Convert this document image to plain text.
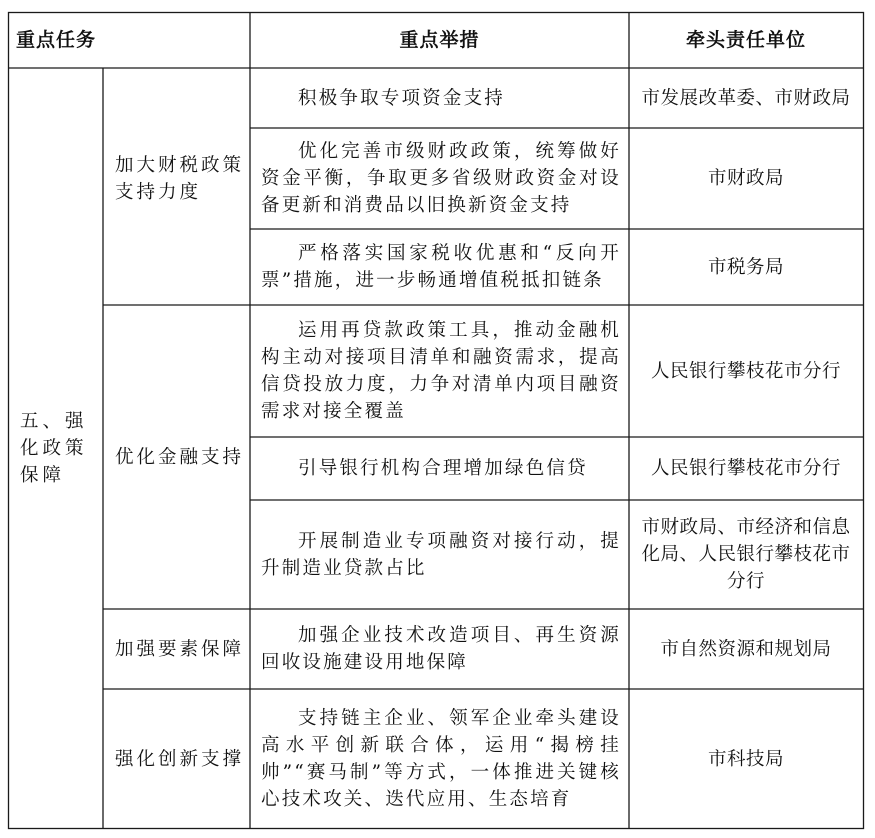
重点任务	重点举措	牵头责任单位
五、强化政策保障
加大财税政策支持力度
优化金融支持
加强要素保障
强化创新支撑
积极争取专项资金支持
优化完善市级财政政策，统筹做好资金平衡，争取更多省级财政资金对设备更新和消费品以旧换新资金支持
严格落实国家税收优惠和“反向开票”措施，进一步畅通增值税抵扣链条
运用再贷款政策工具，推动金融机构主动对接项目清单和融资需求，提高信贷投放力度，力争对清单内项目融资需求对接全覆盖
引导银行机构合理增加绿色信贷
开展制造业专项融资对接行动，提升制造业贷款占比
加强企业技术改造项目、再生资源回收设施建设用地保障
支持链主企业、领军企业牵头建设高水平创新联合体，运用“揭榜挂帅”“赛马制”等方式，一体推进关键核心技术攻关、迭代应用、生态培育
市发展改革委、市财政局
市财政局
市税务局
人民银行攀枝花市分行
人民银行攀枝花市分行
市财政局、市经济和信息化局、人民银行攀枝花市分行
市自然资源和规划局
市科技局
